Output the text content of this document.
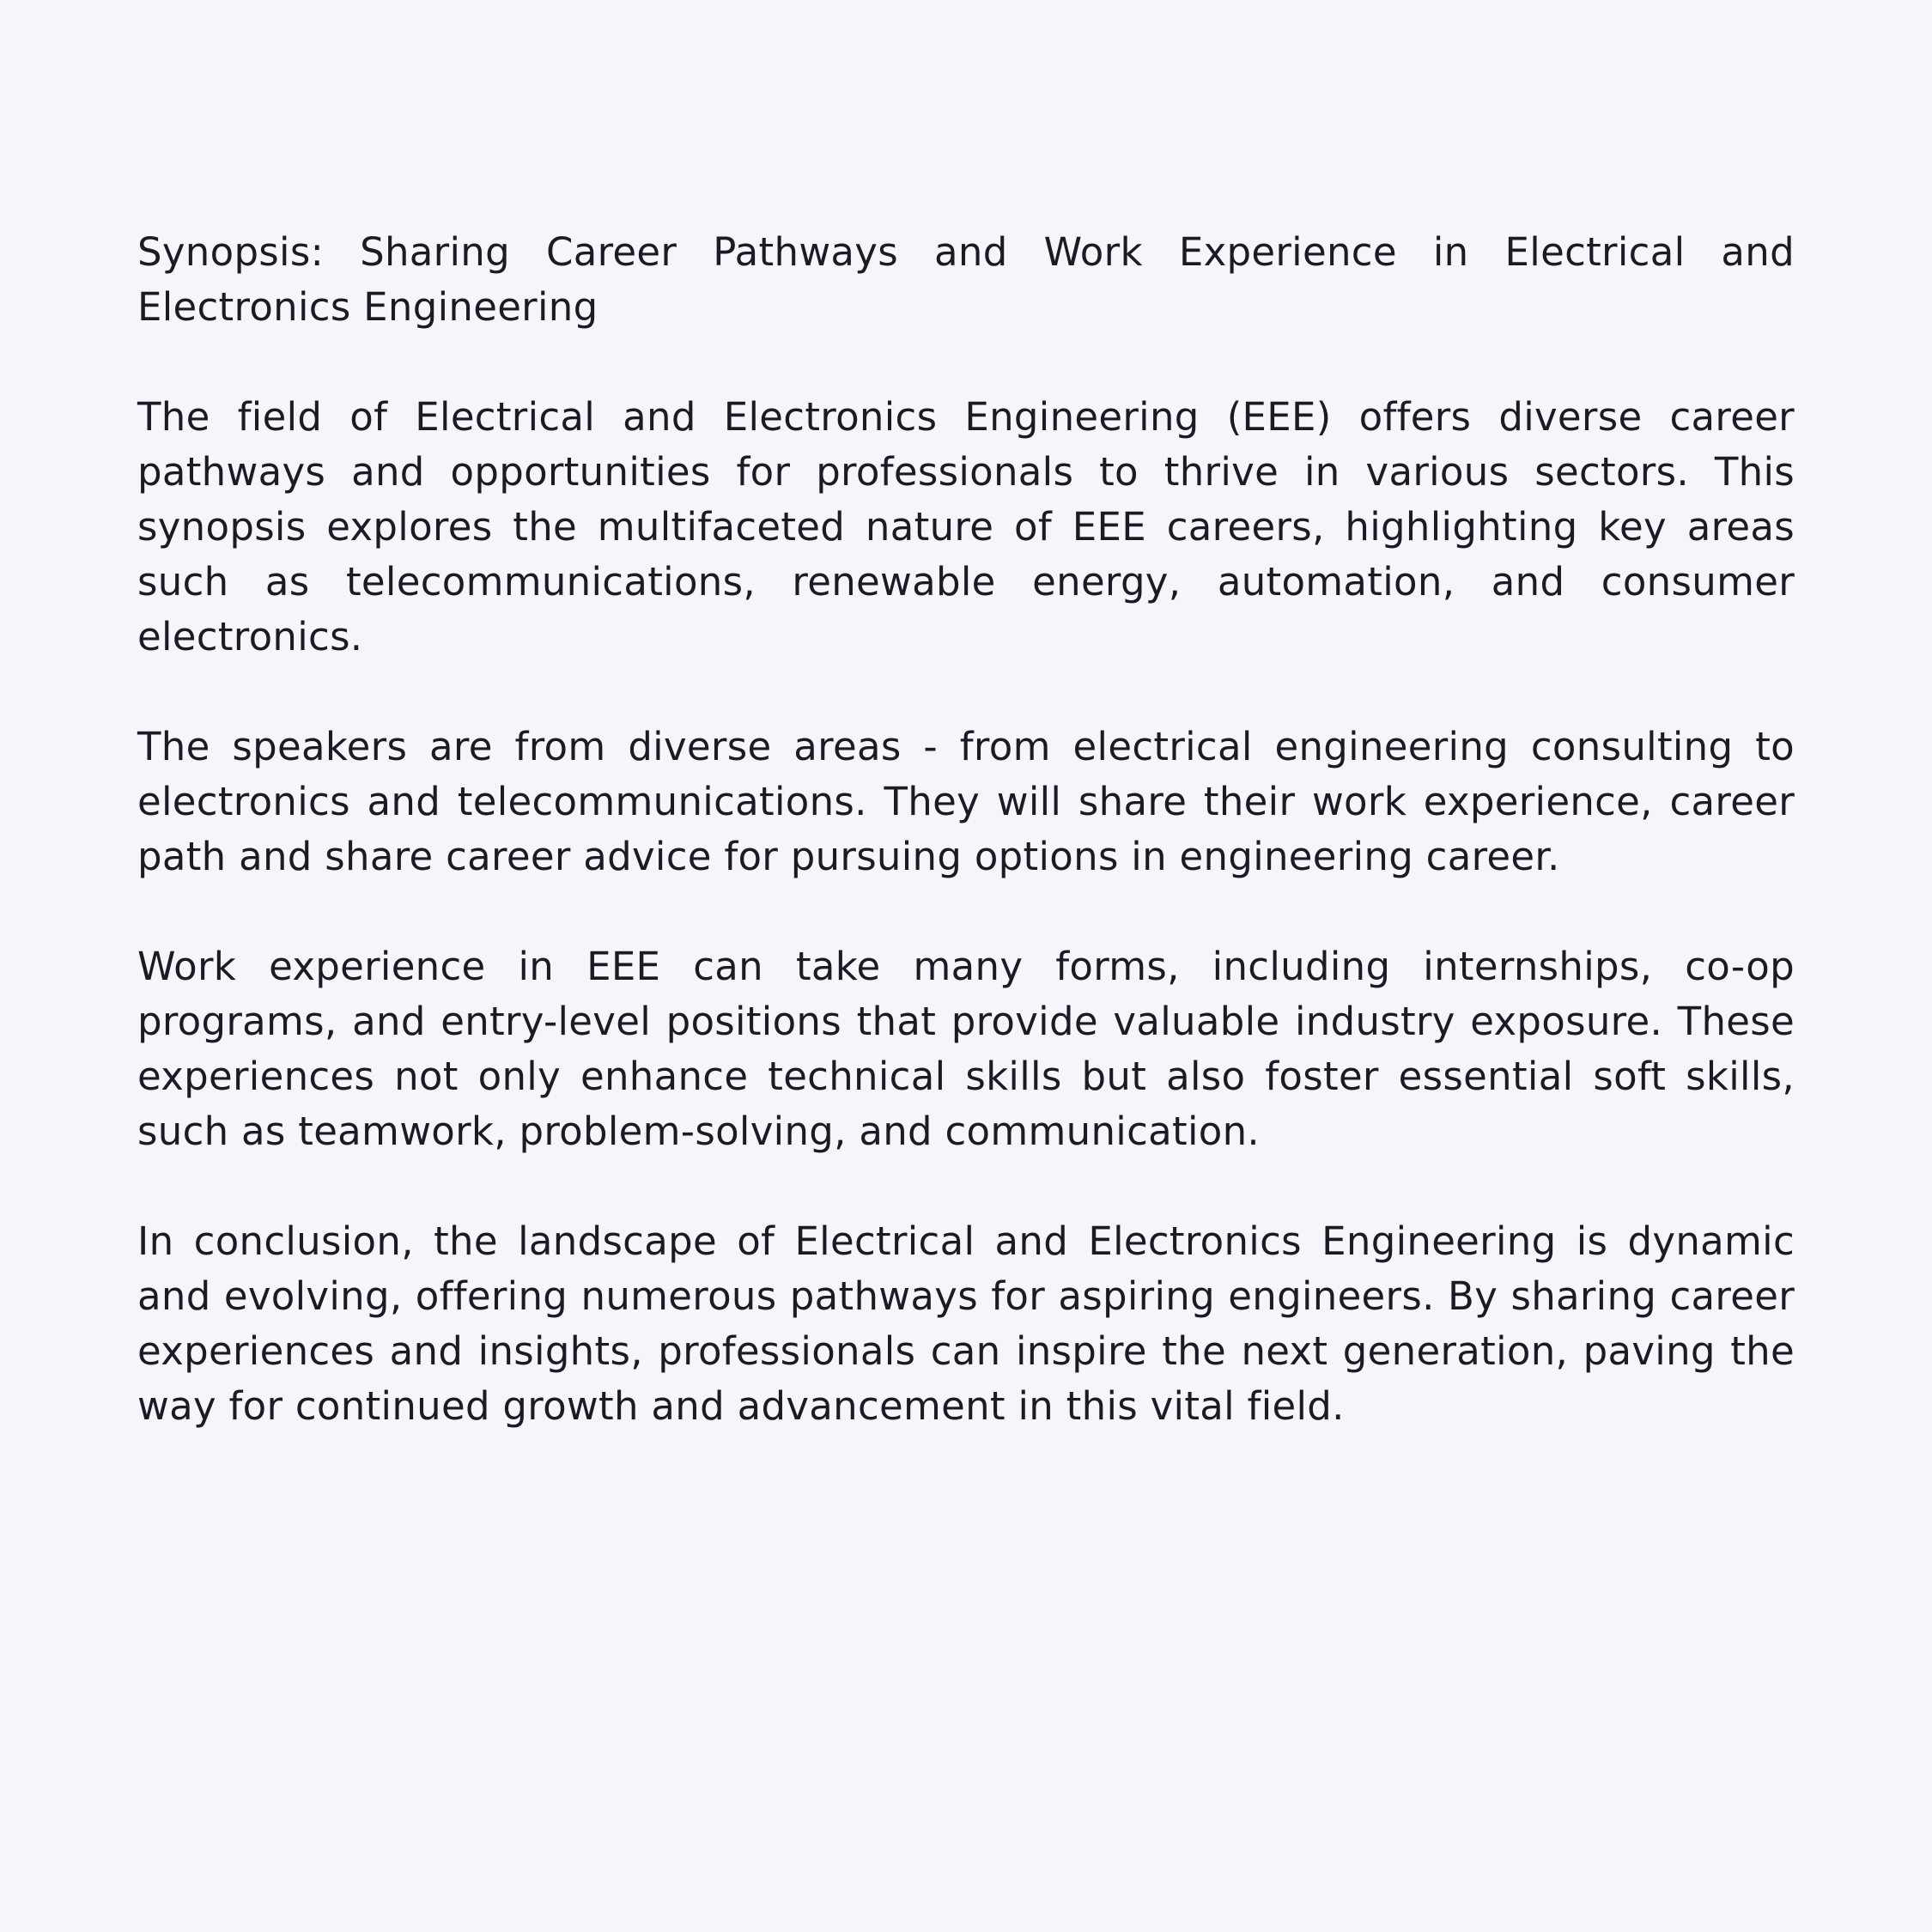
Synopsis: Sharing Career Pathways and Work Experience in Electrical and Electronics Engineering

The field of Electrical and Electronics Engineering (EEE) offers diverse career pathways and opportunities for professionals to thrive in various sectors. This synopsis explores the multifaceted nature of EEE careers, highlighting key areas such as telecommunications, renewable energy, automation, and consumer electronics.

The speakers are from diverse areas - from electrical engineering consulting to electronics and telecommunications. They will share their work experience, career path and share career advice for pursuing options in engineering career.

Work experience in EEE can take many forms, including internships, co-op programs, and entry-level positions that provide valuable industry exposure. These experiences not only enhance technical skills but also foster essential soft skills, such as teamwork, problem-solving, and communication.

In conclusion, the landscape of Electrical and Electronics Engineering is dynamic and evolving, offering numerous pathways for aspiring engineers. By sharing career experiences and insights, professionals can inspire the next generation, paving the way for continued growth and advancement in this vital field.
